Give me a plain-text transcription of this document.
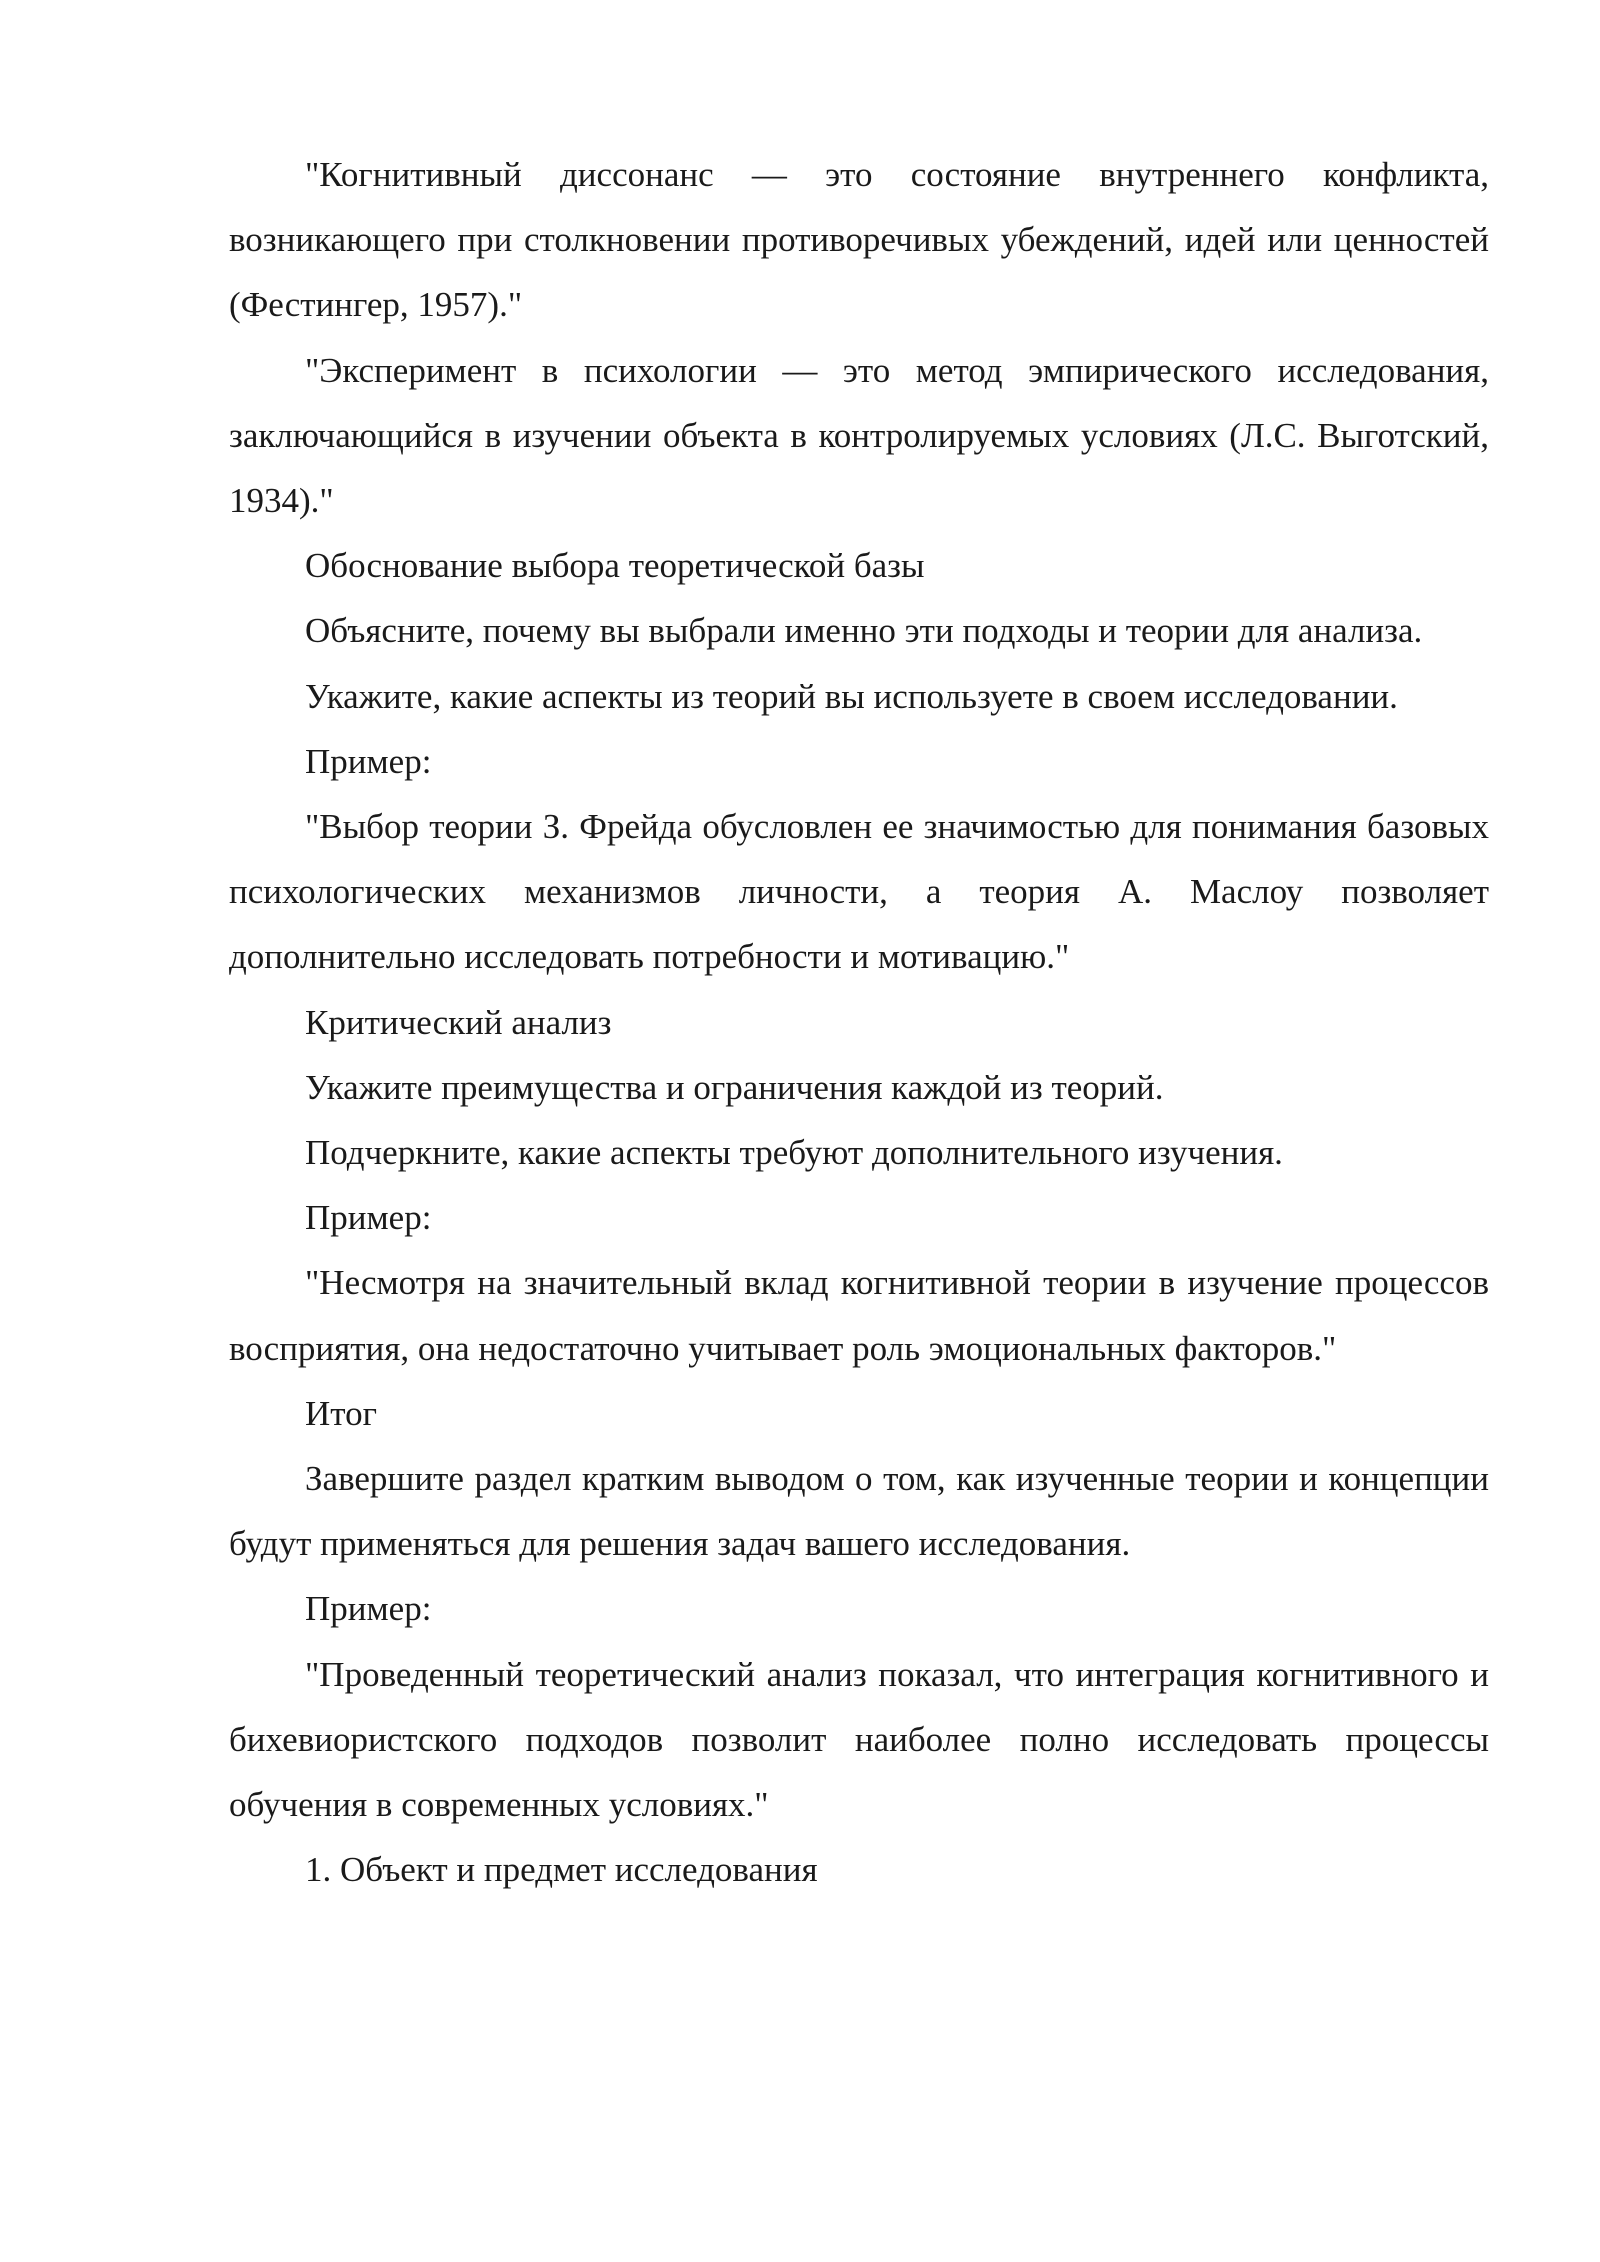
"Когнитивный диссонанс — это состояние внутреннего конфликта, возникающего при столкновении противоречивых убеждений, идей или ценностей (Фестингер, 1957)."

"Эксперимент в психологии — это метод эмпирического исследования, заключающийся в изучении объекта в контролируемых условиях (Л.С. Выготский, 1934)."

Обоснование выбора теоретической базы

Объясните, почему вы выбрали именно эти подходы и теории для анализа.

Укажите, какие аспекты из теорий вы используете в своем исследовании.

Пример:

"Выбор теории З. Фрейда обусловлен ее значимостью для понимания базовых психологических механизмов личности, а теория А. Маслоу позволяет дополнительно исследовать потребности и мотивацию."

Критический анализ

Укажите преимущества и ограничения каждой из теорий.

Подчеркните, какие аспекты требуют дополнительного изучения.

Пример:

"Несмотря на значительный вклад когнитивной теории в изучение процессов восприятия, она недостаточно учитывает роль эмоциональных факторов."

Итог

Завершите раздел кратким выводом о том, как изученные теории и концепции будут применяться для решения задач вашего исследования.

Пример:

"Проведенный теоретический анализ показал, что интеграция когнитивного и бихевиористского подходов позволит наиболее полно исследовать процессы обучения в современных условиях."

1. Объект и предмет исследования
